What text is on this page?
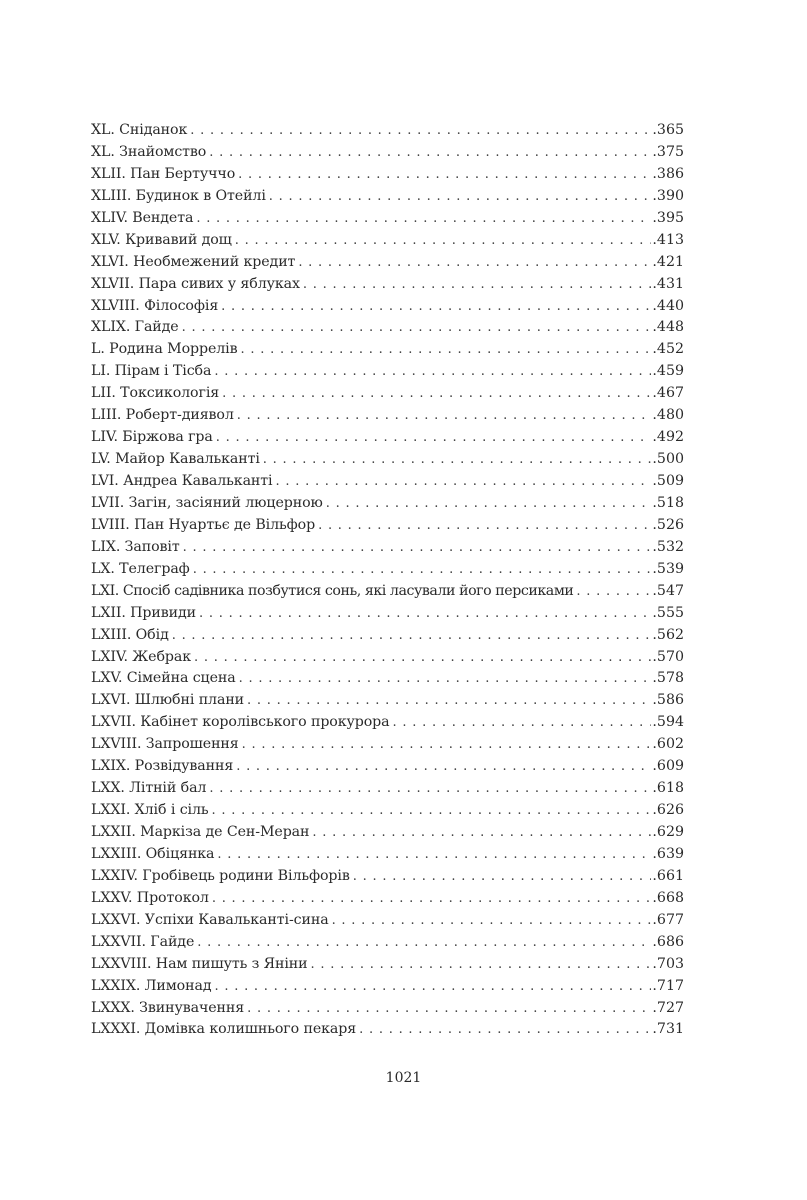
XL. Сніданок . . .	.365
XL. Знайомство . . .	.375
XLII. Пан Бертуччо . . .	.386
XLIII. Будинок в Отейлі . . .	.390
XLIV. Вендета . . .	.395
XLV. Кривавий дощ . . .	.413
XLVI. Необмежений кредит . . .	.421
XLVII. Пара сивих у яблуках . . .	.431
XLVIII. Філософія . . .	.440
XLIX. Гайде . . .	.448
L. Родина Моррелів . . .	.452
LI. Пірам і Тісба . . .	.459
LII. Токсикологія . . .	.467
LIII. Роберт-диявол . . .	.480
LIV. Біржова гра . . .	.492
LV. Майор Кавальканті . . .	.500
LVI. Андреа Кавальканті . . .	.509
LVII. Загін, засіяний люцерною . . .	.518
LVIII. Пан Нуартьє де Вільфор . . .	.526
LIX. Заповіт . . .	.532
LX. Телеграф . . .	.539
LXI. Спосіб садівника позбутися сонь, які ласували його персиками . . .	.547
LXII. Привиди . . .	.555
LXIII. Обід . . .	.562
LXIV. Жебрак . . .	.570
LXV. Сімейна сцена . . .	.578
LXVI. Шлюбні плани . . .	.586
LXVII. Кабінет королівського прокурора . . .	.594
LXVIII. Запрошення . . .	.602
LXIX. Розвідування . . .	.609
LXX. Літній бал . . .	.618
LXXI. Хліб і сіль . . .	.626
LXXII. Маркіза де Сен-Меран . . .	.629
LXXIII. Обіцянка . . .	.639
LXXIV. Гробівець родини Вільфорів . . .	.661
LXXV. Протокол . . .	.668
LXXVI. Успіхи Кавальканті-сина . . .	.677
LXXVII. Гайде . . .	.686
LXXVIII. Нам пишуть з Яніни . . .	.703
LXXIX. Лимонад . . .	.717
LXXX. Звинувачення . . .	.727
LXXXI. Домівка колишнього пекаря . . .	.731
1021
